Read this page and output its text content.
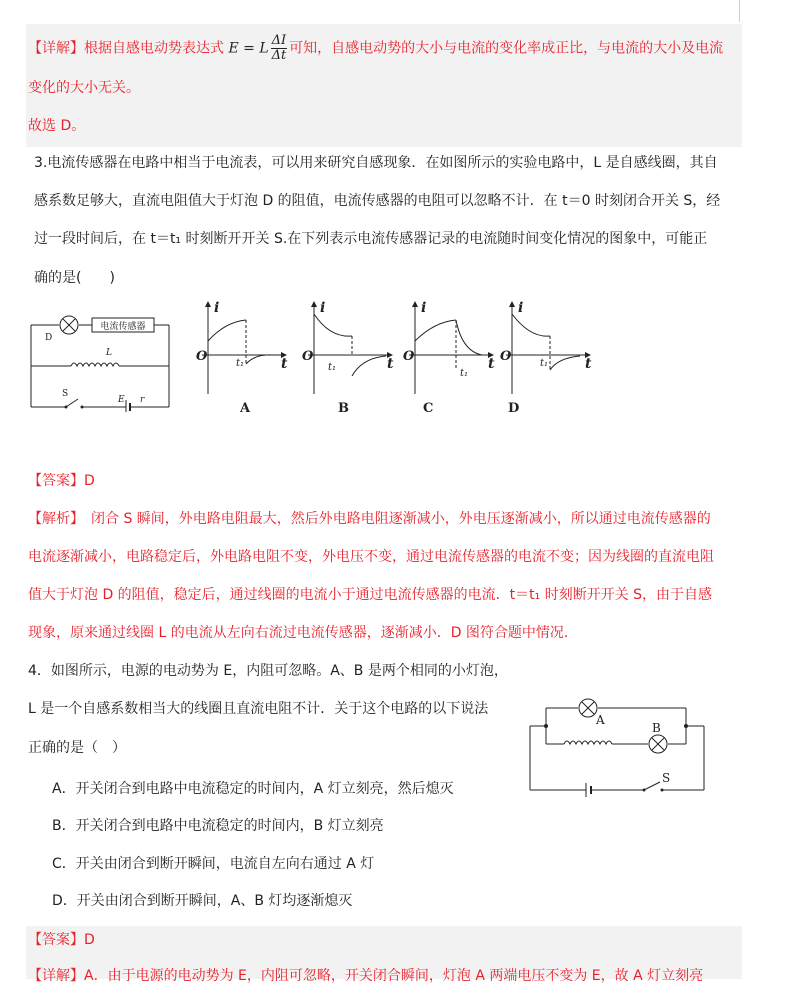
【详解】根据自感电动势表达式 E = L $\frac{\Delta I}{\Delta t}$ 可知，自感电动势的大小与电流的变化率成正比，与电流的大小及电流
变化的大小无关。
故选 D。
3.电流传感器在电路中相当于电流表，可以用来研究自感现象．在如图所示的实验电路中，L 是自感线圈，其自
感系数足够大，直流电阻值大于灯泡 D 的阻值，电流传感器的电阻可以忽略不计．在 t＝0 时刻闭合开关 S，经
过一段时间后，在 t＝t₁ 时刻断开开关 S.在下列表示电流传感器记录的电流随时间变化情况的图象中，可能正
确的是(　　)
电流传感器
D
L
S
E r
i	i	i	i
t	t	t	t
O	O	O	O
t₁	t₁
t₁
t₁
A	B	C	D
【答案】D
【解析】　闭合 S 瞬间，外电路电阻最大，然后外电路电阻逐渐减小，外电压逐渐减小，所以通过电流传感器的
电流逐渐减小，电路稳定后，外电路电阻不变，外电压不变，通过电流传感器的电流不变；因为线圈的直流电阻
值大于灯泡 D 的阻值，稳定后，通过线圈的电流小于通过电流传感器的电流．t＝t₁ 时刻断开开关 S，由于自感
现象，原来通过线圈 L 的电流从左向右流过电流传感器，逐渐减小．D 图符合题中情况．
4．如图所示，电源的电动势为 E，内阻可忽略。A、B 是两个相同的小灯泡，
L 是一个自感系数相当大的线圈且直流电阻不计．关于这个电路的以下说法
正确的是（　）
A
B
S
A．开关闭合到电路中电流稳定的时间内，A 灯立刻亮，然后熄灭
B．开关闭合到电路中电流稳定的时间内，B 灯立刻亮
C．开关由闭合到断开瞬间，电流自左向右通过 A 灯
D．开关由闭合到断开瞬间，A、B 灯均逐渐熄灭
【答案】D
【详解】A．由于电源的电动势为 E，内阻可忽略，开关闭合瞬间，灯泡 A 两端电压不变为 E，故 A 灯立刻亮
